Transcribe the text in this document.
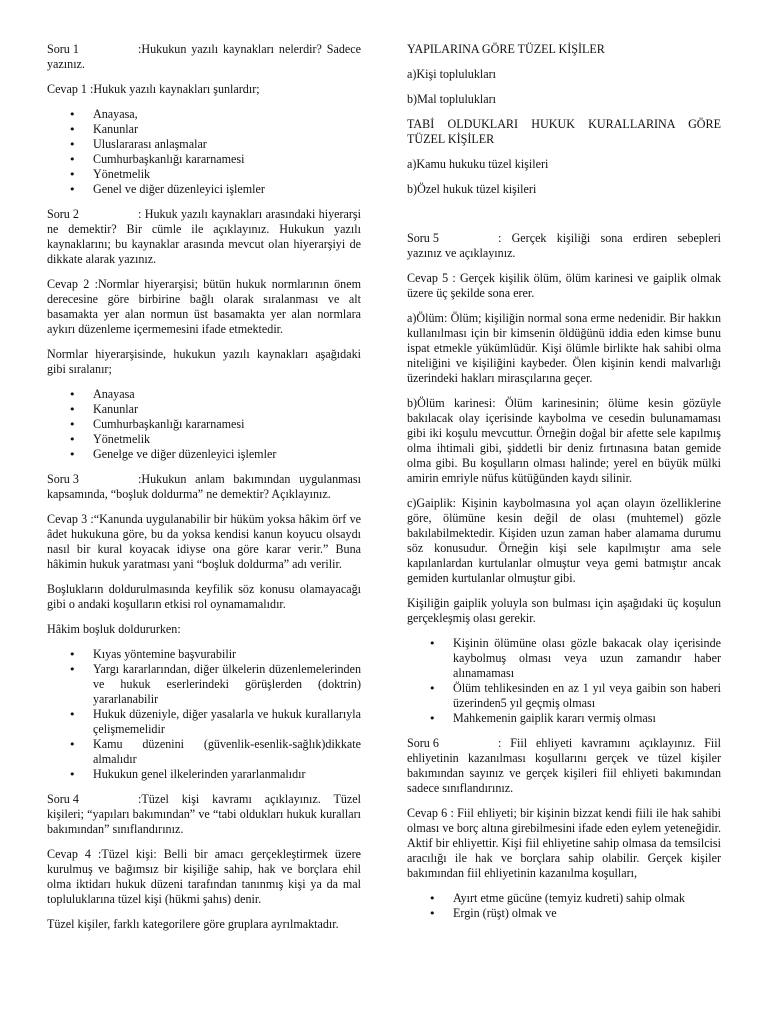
Soru 1	:Hukukun yazılı kaynakları nelerdir? Sadece yazınız.

Cevap 1 :Hukuk yazılı kaynakları şunlardır;

• Anayasa,
• Kanunlar
• Uluslararası anlaşmalar
• Cumhurbaşkanlığı kararnamesi
• Yönetmelik
• Genel ve diğer düzenleyici işlemler

Soru 2	: Hukuk yazılı kaynakları arasındaki hiyerarşi ne demektir? Bir cümle ile açıklayınız. Hukukun yazılı kaynaklarını; bu kaynaklar arasında mevcut olan hiyerarşiyi de dikkate alarak yazınız.

Cevap 2 :Normlar hiyerarşisi; bütün hukuk normlarının önem derecesine göre birbirine bağlı olarak sıralanması ve alt basamakta yer alan normun üst basamakta yer alan normlara aykırı düzenleme içermemesini ifade etmektedir.

Normlar hiyerarşisinde, hukukun yazılı kaynakları aşağıdaki gibi sıralanır;

• Anayasa
• Kanunlar
• Cumhurbaşkanlığı kararnamesi
• Yönetmelik
• Genelge ve diğer düzenleyici işlemler

Soru 3	:Hukukun anlam bakımından uygulanması kapsamında, “boşluk doldurma” ne demektir? Açıklayınız.

Cevap 3 :“Kanunda uygulanabilir bir hüküm yoksa hâkim örf ve âdet hukukuna göre, bu da yoksa kendisi kanun koyucu olsaydı nasıl bir kural koyacak idiyse ona göre karar verir.” Buna hâkimin hukuk yaratması yani “boşluk doldurma” adı verilir.

Boşlukların doldurulmasında keyfilik söz konusu olamayacağı gibi o andaki koşulların etkisi rol oynamamalıdır.

Hâkim boşluk doldururken:

• Kıyas yöntemine başvurabilir
• Yargı kararlarından, diğer ülkelerin düzenlemelerinden ve hukuk eserlerindeki görüşlerden (doktrin) yararlanabilir
• Hukuk düzeniyle, diğer yasalarla ve hukuk kurallarıyla çelişmemelidir
• Kamu düzenini (güvenlik-esenlik-sağlık)dikkate almalıdır
• Hukukun genel ilkelerinden yararlanmalıdır

Soru 4	:Tüzel kişi kavramı açıklayınız. Tüzel kişileri; “yapıları bakımından” ve “tabi oldukları hukuk kuralları bakımından” sınıflandırınız.

Cevap 4 :Tüzel kişi: Belli bir amacı gerçekleştirmek üzere kurulmuş ve bağımsız bir kişiliğe sahip, hak ve borçlara ehil olma iktidarı hukuk düzeni tarafından tanınmış kişi ya da mal topluluklarına tüzel kişi (hükmi şahıs) denir.

Tüzel kişiler, farklı kategorilere göre gruplara ayrılmaktadır.

YAPILARINA GÖRE TÜZEL KİŞİLER

a)Kişi toplulukları

b)Mal toplulukları

TABİ OLDUKLARI HUKUK KURALLARINA GÖRE TÜZEL KİŞİLER

a)Kamu hukuku tüzel kişileri

b)Özel hukuk tüzel kişileri

Soru 5	: Gerçek kişiliği sona erdiren sebepleri yazınız ve açıklayınız.

Cevap 5 : Gerçek kişilik ölüm, ölüm karinesi ve gaiplik olmak üzere üç şekilde sona erer.

a)Ölüm: Ölüm; kişiliğin normal sona erme nedenidir. Bir hakkın kullanılması için bir kimsenin öldüğünü iddia eden kimse bunu ispat etmekle yükümlüdür. Kişi ölümle birlikte hak sahibi olma niteliğini ve kişiliğini kaybeder. Ölen kişinin kendi malvarlığı üzerindeki hakları mirasçılarına geçer.

b)Ölüm karinesi: Ölüm karinesinin; ölüme kesin gözüyle bakılacak olay içerisinde kaybolma ve cesedin bulunamaması gibi iki koşulu mevcuttur. Örneğin doğal bir afette sele kapılmış olma ihtimali gibi, şiddetli bir deniz fırtınasına batan gemide olma gibi. Bu koşulların olması halinde; yerel en büyük mülki amirin emriyle nüfus kütüğünden kaydı silinir.

c)Gaiplik: Kişinin kaybolmasına yol açan olayın özelliklerine göre, ölümüne kesin değil de olası (muhtemel) gözle bakılabilmektedir. Kişiden uzun zaman haber alamama durumu söz konusudur. Örneğin kişi sele kapılmıştır ama sele kapılanlardan kurtulanlar olmuştur veya gemi batmıştır ancak gemiden kurtulanlar olmuştur gibi.

Kişiliğin gaiplik yoluyla son bulması için aşağıdaki üç koşulun gerçekleşmiş olası gerekir.

• Kişinin ölümüne olası gözle bakacak olay içerisinde kaybolmuş olması veya uzun zamandır haber alınamaması
• Ölüm tehlikesinden en az 1 yıl veya gaibin son haberi üzerinden5 yıl geçmiş olması
• Mahkemenin gaiplik kararı vermiş olması

Soru 6	: Fiil ehliyeti kavramını açıklayınız. Fiil ehliyetinin kazanılması koşullarını gerçek ve tüzel kişiler bakımından sayınız ve gerçek kişileri fiil ehliyeti bakımından sadece sınıflandırınız.

Cevap 6 : Fiil ehliyeti; bir kişinin bizzat kendi fiili ile hak sahibi olması ve borç altına girebilmesini ifade eden eylem yeteneğidir. Aktif bir ehliyettir. Kişi fiil ehliyetine sahip olmasa da temsilcisi aracılığı ile hak ve borçlara sahip olabilir. Gerçek kişiler bakımından fiil ehliyetinin kazanılma koşulları,

• Ayırt etme gücüne (temyiz kudreti) sahip olmak
• Ergin (rüşt) olmak ve
